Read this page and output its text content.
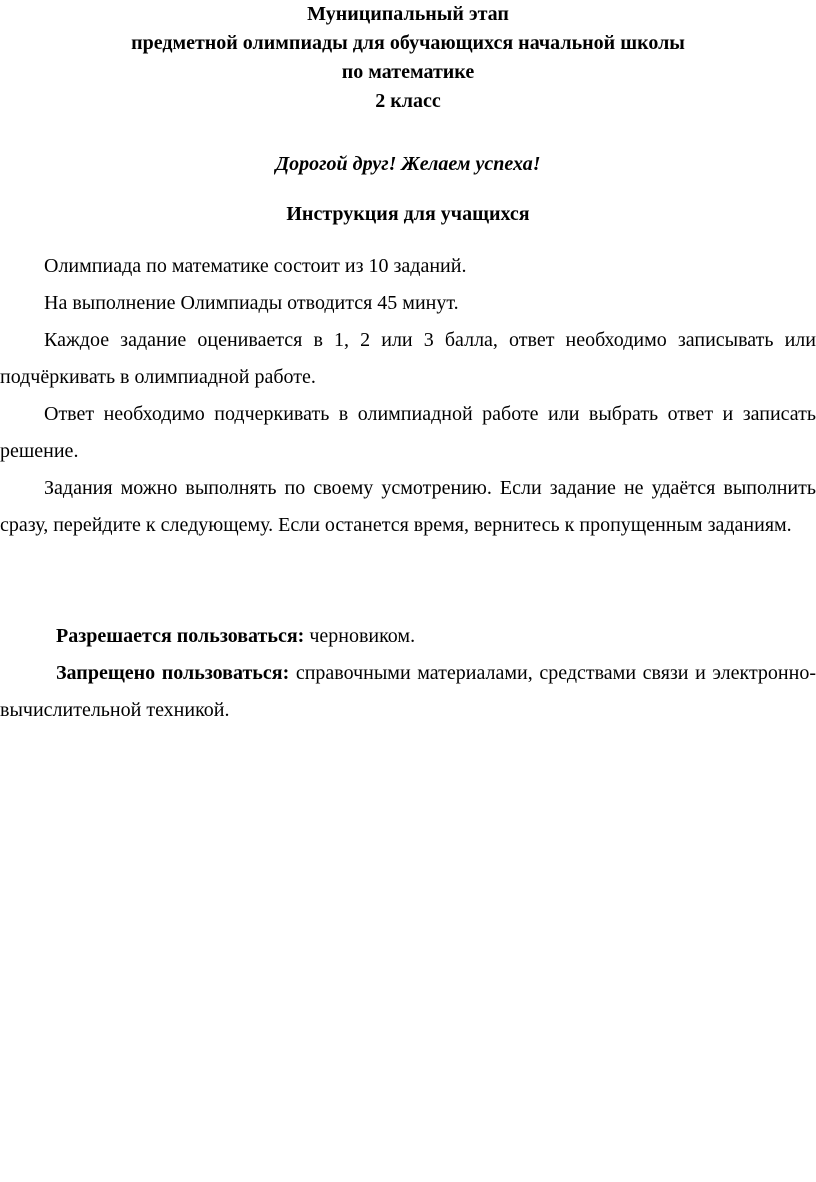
Муниципальный этап
предметной олимпиады для обучающихся начальной школы
по математике
2 класс
Дорогой друг! Желаем успеха!
Инструкция для учащихся

Олимпиада по математике состоит из 10 заданий.

На выполнение Олимпиады отводится 45 минут.

Каждое задание оценивается в 1, 2 или 3 балла, ответ необходимо записывать или подчёркивать в олимпиадной работе.

Ответ необходимо подчеркивать в олимпиадной работе или выбрать ответ и записать решение.

Задания можно выполнять по своему усмотрению. Если задание не удаётся выполнить сразу, перейдите к следующему. Если останется время, вернитесь к пропущенным заданиям.

Разрешается пользоваться: черновиком.

Запрещено пользоваться: справочными материалами, средствами связи и электронно-вычислительной техникой.
